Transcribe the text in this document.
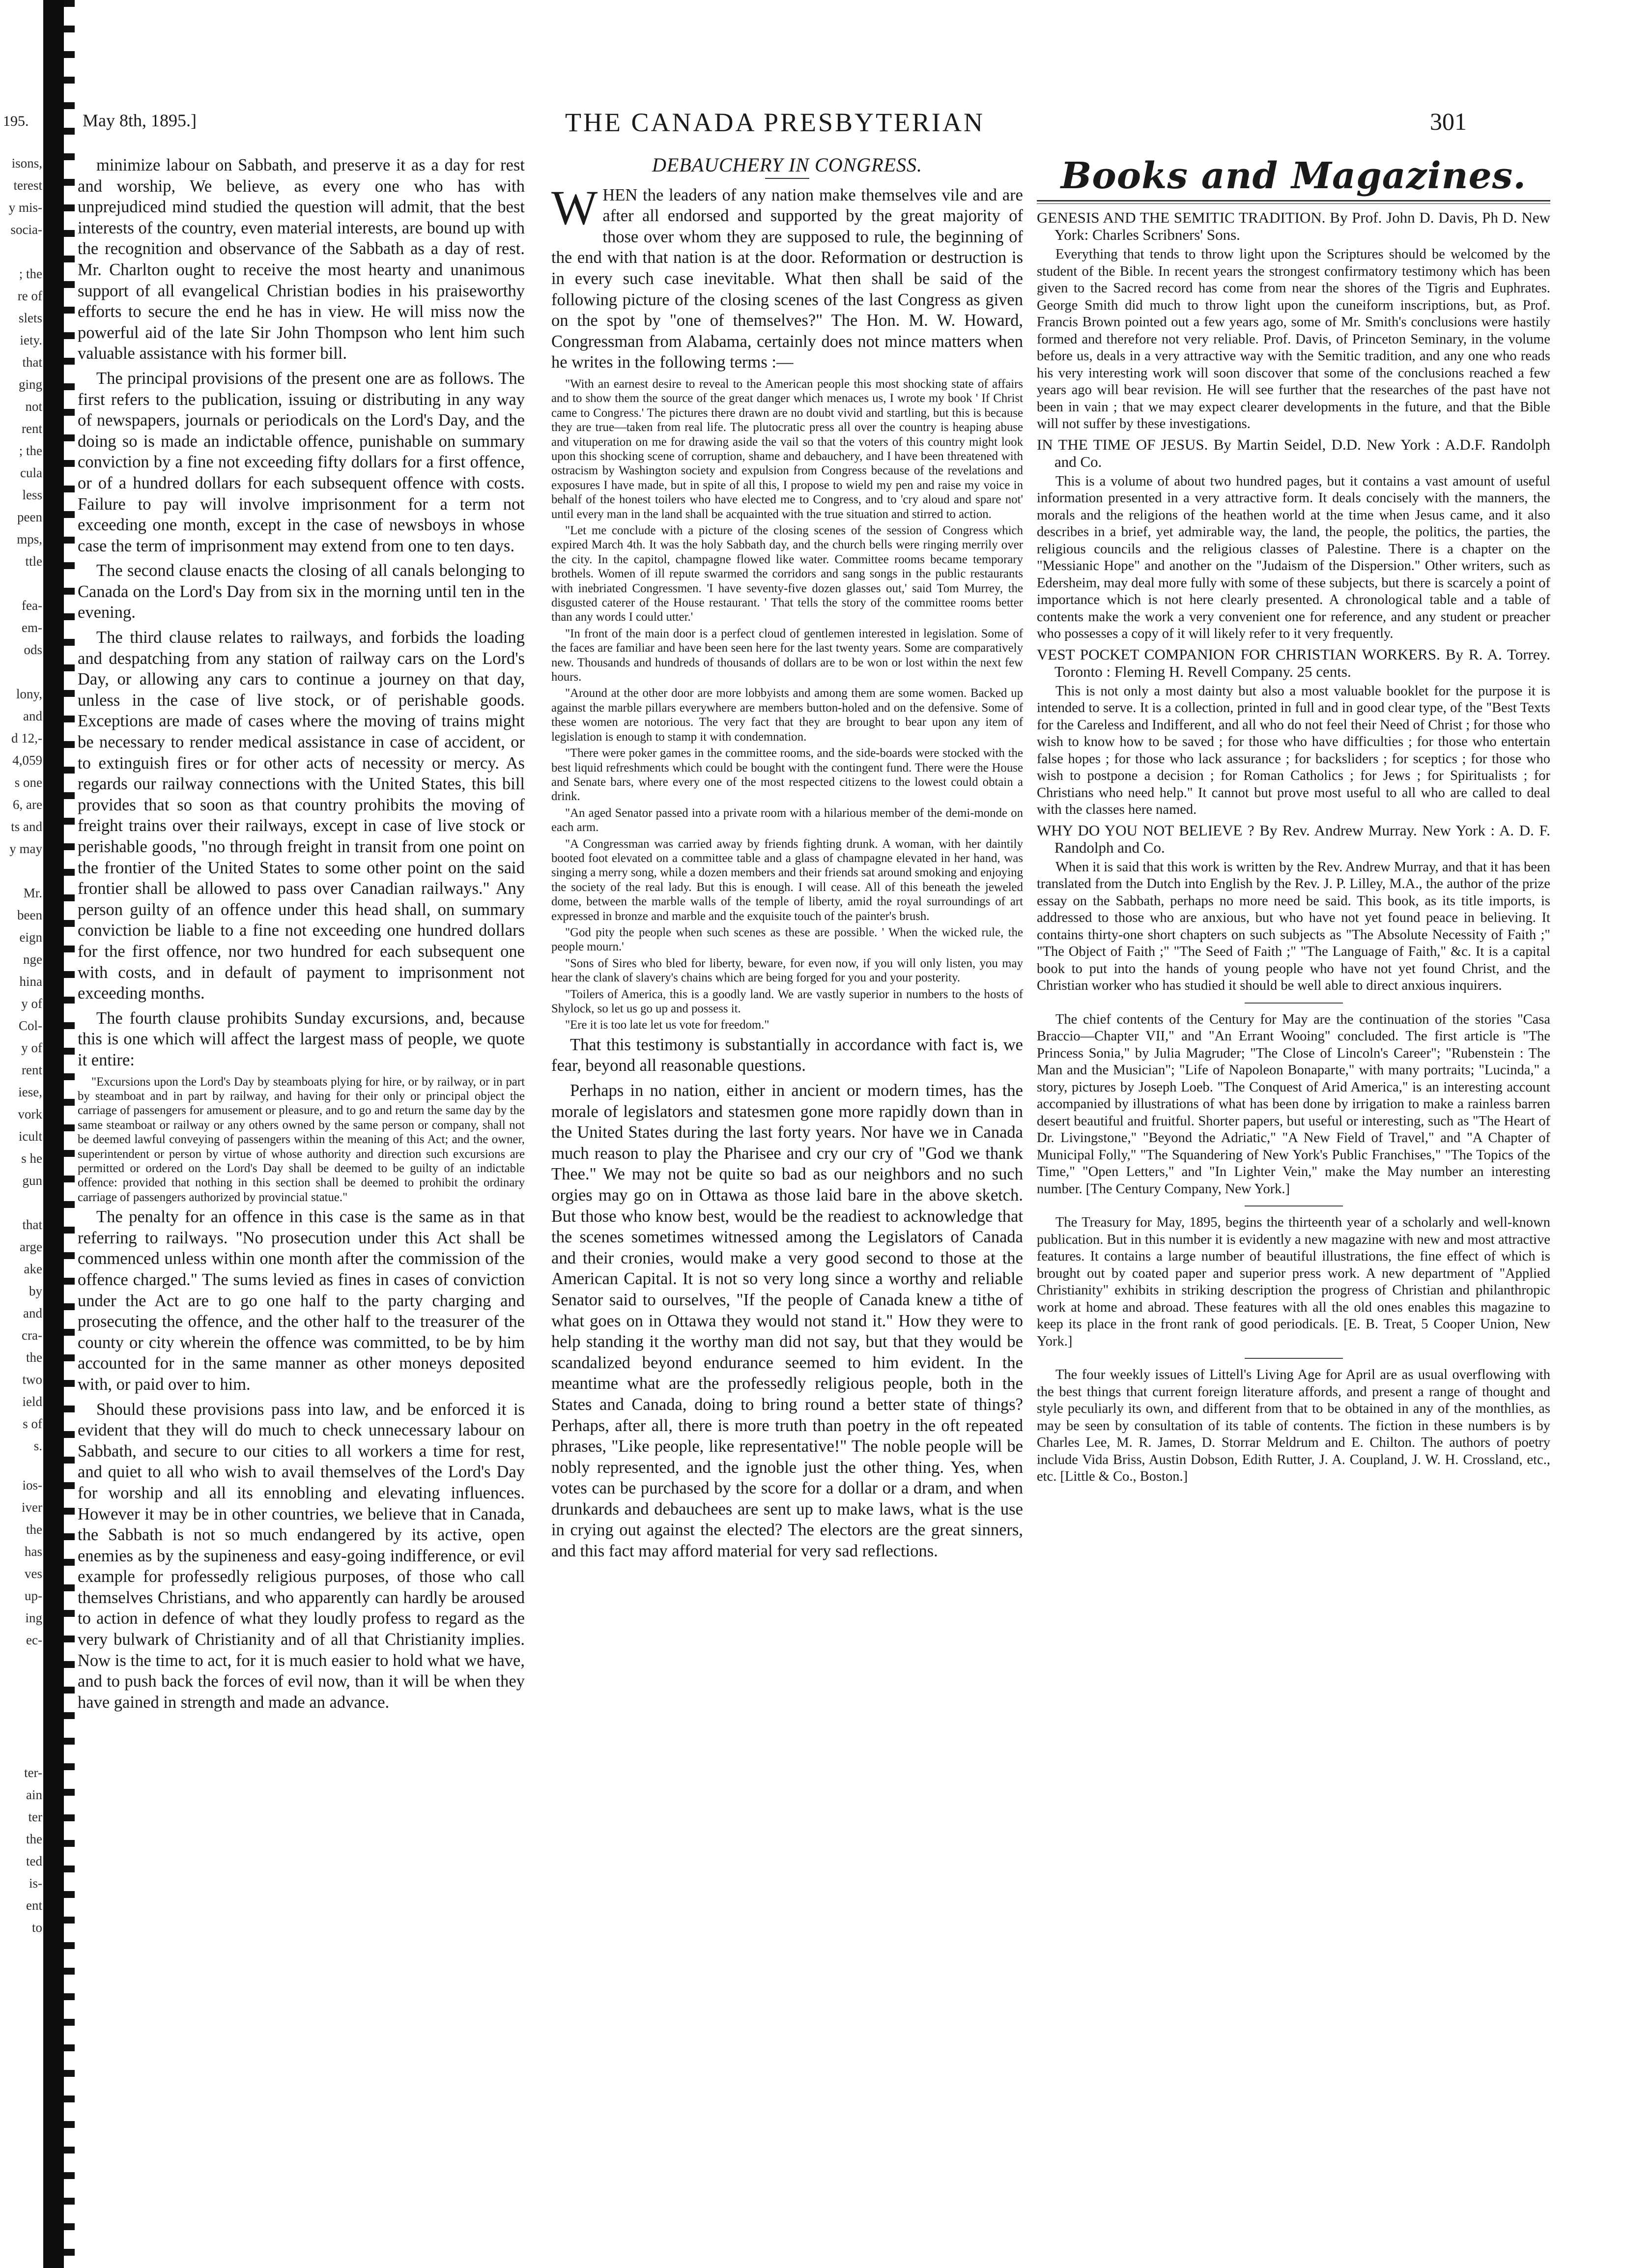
195.	May 8th, 1895.]	THE CANADA PRESBYTERIAN	301
isons,
terest
y mis-
socia-
; the
re of
slets
iety.
that
ging
not
rent
; the
cula
less
peen
mps,
ttle
fea-
em-
ods
lony,
and
d 12,-
4,059
s one
6, are
ts and
y may
Mr.
been
eign
nge
hina
y of
Col-
y of
rent
iese,
vork
icult
s he
gun
that
arge
ake
by
and
cra-
the
two
ield
s of
s.
ios-
iver
the
has
ves
up-
ing
ec-
ter-
ain
ter
the
ted
is-
ent
to

minimize labour on Sabbath, and preserve it as a day for rest and worship, We believe, as every one who has with unprejudiced mind studied the question will admit, that the best interests of the country, even material interests, are bound up with the recognition and observance of the Sabbath as a day of rest. Mr. Charlton ought to receive the most hearty and unanimous support of all evangelical Christian bodies in his praiseworthy efforts to secure the end he has in view. He will miss now the powerful aid of the late Sir John Thompson who lent him such valuable assistance with his former bill.

The principal provisions of the present one are as follows. The first refers to the publication, issuing or distributing in any way of newspapers, journals or periodicals on the Lord's Day, and the doing so is made an indictable offence, punishable on summary conviction by a fine not exceeding fifty dollars for a first offence, or of a hundred dollars for each subsequent offence with costs. Failure to pay will involve imprisonment for a term not exceeding one month, except in the case of newsboys in whose case the term of imprisonment may extend from one to ten days.

The second clause enacts the closing of all canals belonging to Canada on the Lord's Day from six in the morning until ten in the evening.

The third clause relates to railways, and forbids the loading and despatching from any station of railway cars on the Lord's Day, or allowing any cars to continue a journey on that day, unless in the case of live stock, or of perishable goods. Exceptions are made of cases where the moving of trains might be necessary to render medical assistance in case of accident, or to extinguish fires or for other acts of necessity or mercy. As regards our railway connections with the United States, this bill provides that so soon as that country prohibits the moving of freight trains over their railways, except in case of live stock or perishable goods, "no through freight in transit from one point on the frontier of the United States to some other point on the said frontier shall be allowed to pass over Canadian railways." Any person guilty of an offence under this head shall, on summary conviction be liable to a fine not exceeding one hundred dollars for the first offence, nor two hundred for each subsequent one with costs, and in default of payment to imprisonment not exceeding months.

The fourth clause prohibits Sunday excursions, and, because this is one which will affect the largest mass of people, we quote it entire:

"Excursions upon the Lord's Day by steamboats plying for hire, or by railway, or in part by steamboat and in part by railway, and having for their only or principal object the carriage of passengers for amusement or pleasure, and to go and return the same day by the same steamboat or railway or any others owned by the same person or company, shall not be deemed lawful conveying of passengers within the meaning of this Act; and the owner, superintendent or person by virtue of whose authority and direction such excursions are permitted or ordered on the Lord's Day shall be deemed to be guilty of an indictable offence: provided that nothing in this section shall be deemed to prohibit the ordinary carriage of passengers authorized by provincial statue."

The penalty for an offence in this case is the same as in that referring to railways. "No prosecution under this Act shall be commenced unless within one month after the commission of the offence charged." The sums levied as fines in cases of conviction under the Act are to go one half to the party charging and prosecuting the offence, and the other half to the treasurer of the county or city wherein the offence was committed, to be by him accounted for in the same manner as other moneys deposited with, or paid over to him.

Should these provisions pass into law, and be enforced it is evident that they will do much to check unnecessary labour on Sabbath, and secure to our cities to all workers a time for rest, and quiet to all who wish to avail themselves of the Lord's Day for worship and all its ennobling and elevating influences. However it may be in other countries, we believe that in Canada, the Sabbath is not so much endangered by its active, open enemies as by the supineness and easy-going indifference, or evil example for professedly religious purposes, of those who call themselves Christians, and who apparently can hardly be aroused to action in defence of what they loudly profess to regard as the very bulwark of Christianity and of all that Christianity implies. Now is the time to act, for it is much easier to hold what we have, and to push back the forces of evil now, than it will be when they have gained in strength and made an advance.

DEBAUCHERY IN CONGRESS.

WHEN the leaders of any nation make themselves vile and are after all endorsed and supported by the great majority of those over whom they are supposed to rule, the beginning of the end with that nation is at the door. Reformation or destruction is in every such case inevitable. What then shall be said of the following picture of the closing scenes of the last Congress as given on the spot by "one of themselves?" The Hon. M. W. Howard, Congressman from Alabama, certainly does not mince matters when he writes in the following terms :—

"With an earnest desire to reveal to the American people this most shocking state of affairs and to show them the source of the great danger which menaces us, I wrote my book ' If Christ came to Congress.' The pictures there drawn are no doubt vivid and startling, but this is because they are true—taken from real life. The plutocratic press all over the country is heaping abuse and vituperation on me for drawing aside the vail so that the voters of this country might look upon this shocking scene of corruption, shame and debauchery, and I have been threatened with ostracism by Washington society and expulsion from Congress because of the revelations and exposures I have made, but in spite of all this, I propose to wield my pen and raise my voice in behalf of the honest toilers who have elected me to Congress, and to 'cry aloud and spare not' until every man in the land shall be acquainted with the true situation and stirred to action.

"Let me conclude with a picture of the closing scenes of the session of Congress which expired March 4th. It was the holy Sabbath day, and the church bells were ringing merrily over the city. In the capitol, champagne flowed like water. Committee rooms became temporary brothels. Women of ill repute swarmed the corridors and sang songs in the public restaurants with inebriated Congressmen. 'I have seventy-five dozen glasses out,' said Tom Murrey, the disgusted caterer of the House restaurant. ' That tells the story of the committee rooms better than any words I could utter.'

"In front of the main door is a perfect cloud of gentlemen interested in legislation. Some of the faces are familiar and have been seen here for the last twenty years. Some are comparatively new. Thousands and hundreds of thousands of dollars are to be won or lost within the next few hours.

"Around at the other door are more lobbyists and among them are some women. Backed up against the marble pillars everywhere are members button-holed and on the defensive. Some of these women are notorious. The very fact that they are brought to bear upon any item of legislation is enough to stamp it with condemnation.

"There were poker games in the committee rooms, and the side-boards were stocked with the best liquid refreshments which could be bought with the contingent fund. There were the House and Senate bars, where every one of the most respected citizens to the lowest could obtain a drink.

"An aged Senator passed into a private room with a hilarious member of the demi-monde on each arm.

"A Congressman was carried away by friends fighting drunk. A woman, with her daintily booted foot elevated on a committee table and a glass of champagne elevated in her hand, was singing a merry song, while a dozen members and their friends sat around smoking and enjoying the society of the real lady. But this is enough. I will cease. All of this beneath the jeweled dome, between the marble walls of the temple of liberty, amid the royal surroundings of art expressed in bronze and marble and the exquisite touch of the painter's brush.

"God pity the people when such scenes as these are possible. ' When the wicked rule, the people mourn.'

"Sons of Sires who bled for liberty, beware, for even now, if you will only listen, you may hear the clank of slavery's chains which are being forged for you and your posterity.

"Toilers of America, this is a goodly land. We are vastly superior in numbers to the hosts of Shylock, so let us go up and possess it.

"Ere it is too late let us vote for freedom."

That this testimony is substantially in accordance with fact is, we fear, beyond all reasonable questions.

Perhaps in no nation, either in ancient or modern times, has the morale of legislators and statesmen gone more rapidly down than in the United States during the last forty years. Nor have we in Canada much reason to play the Pharisee and cry our cry of "God we thank Thee." We may not be quite so bad as our neighbors and no such orgies may go on in Ottawa as those laid bare in the above sketch. But those who know best, would be the readiest to acknowledge that the scenes sometimes witnessed among the Legislators of Canada and their cronies, would make a very good second to those at the American Capital. It is not so very long since a worthy and reliable Senator said to ourselves, "If the people of Canada knew a tithe of what goes on in Ottawa they would not stand it." How they were to help standing it the worthy man did not say, but that they would be scandalized beyond endurance seemed to him evident. In the meantime what are the professedly religious people, both in the States and Canada, doing to bring round a better state of things? Perhaps, after all, there is more truth than poetry in the oft repeated phrases, "Like people, like representative!" The noble people will be nobly represented, and the ignoble just the other thing. Yes, when votes can be purchased by the score for a dollar or a dram, and when drunkards and debauchees are sent up to make laws, what is the use in crying out against the elected? The electors are the great sinners, and this fact may afford material for very sad reflections.

Books and Magazines.

GENESIS AND THE SEMITIC TRADITION. By Prof. John D. Davis, Ph D. New York: Charles Scribners' Sons.

Everything that tends to throw light upon the Scriptures should be welcomed by the student of the Bible. In recent years the strongest confirmatory testimony which has been given to the Sacred record has come from near the shores of the Tigris and Euphrates. George Smith did much to throw light upon the cuneiform inscriptions, but, as Prof. Francis Brown pointed out a few years ago, some of Mr. Smith's conclusions were hastily formed and therefore not very reliable. Prof. Davis, of Princeton Seminary, in the volume before us, deals in a very attractive way with the Semitic tradition, and any one who reads his very interesting work will soon discover that some of the conclusions reached a few years ago will bear revision. He will see further that the researches of the past have not been in vain ; that we may expect clearer developments in the future, and that the Bible will not suffer by these investigations.

IN THE TIME OF JESUS. By Martin Seidel, D.D. New York : A.D.F. Randolph and Co.

This is a volume of about two hundred pages, but it contains a vast amount of useful information presented in a very attractive form. It deals concisely with the manners, the morals and the religions of the heathen world at the time when Jesus came, and it also describes in a brief, yet admirable way, the land, the people, the politics, the parties, the religious councils and the religious classes of Palestine. There is a chapter on the "Messianic Hope" and another on the "Judaism of the Dispersion." Other writers, such as Edersheim, may deal more fully with some of these subjects, but there is scarcely a point of importance which is not here clearly presented. A chronological table and a table of contents make the work a very convenient one for reference, and any student or preacher who possesses a copy of it will likely refer to it very frequently.

VEST POCKET COMPANION FOR CHRISTIAN WORKERS. By R. A. Torrey. Toronto : Fleming H. Revell Company. 25 cents.

This is not only a most dainty but also a most valuable booklet for the purpose it is intended to serve. It is a collection, printed in full and in good clear type, of the "Best Texts for the Careless and Indifferent, and all who do not feel their Need of Christ ; for those who wish to know how to be saved ; for those who have difficulties ; for those who entertain false hopes ; for those who lack assurance ; for backsliders ; for sceptics ; for those who wish to postpone a decision ; for Roman Catholics ; for Jews ; for Spiritualists ; for Christians who need help." It cannot but prove most useful to all who are called to deal with the classes here named.

WHY DO YOU NOT BELIEVE ? By Rev. Andrew Murray. New York : A. D. F. Randolph and Co.

When it is said that this work is written by the Rev. Andrew Murray, and that it has been translated from the Dutch into English by the Rev. J. P. Lilley, M.A., the author of the prize essay on the Sabbath, perhaps no more need be said. This book, as its title imports, is addressed to those who are anxious, but who have not yet found peace in believing. It contains thirty-one short chapters on such subjects as "The Absolute Necessity of Faith ;" "The Object of Faith ;" "The Seed of Faith ;" "The Language of Faith," &c. It is a capital book to put into the hands of young people who have not yet found Christ, and the Christian worker who has studied it should be well able to direct anxious inquirers.

The chief contents of the Century for May are the continuation of the stories "Casa Braccio—Chapter VII," and "An Errant Wooing" concluded. The first article is "The Princess Sonia," by Julia Magruder; "The Close of Lincoln's Career"; "Rubenstein : The Man and the Musician"; "Life of Napoleon Bonaparte," with many portraits; "Lucinda," a story, pictures by Joseph Loeb. "The Conquest of Arid America," is an interesting account accompanied by illustrations of what has been done by irrigation to make a rainless barren desert beautiful and fruitful. Shorter papers, but useful or interesting, such as "The Heart of Dr. Livingstone," "Beyond the Adriatic," "A New Field of Travel," and "A Chapter of Municipal Folly," "The Squandering of New York's Public Franchises," "The Topics of the Time," "Open Letters," and "In Lighter Vein," make the May number an interesting number. [The Century Company, New York.]

The Treasury for May, 1895, begins the thirteenth year of a scholarly and well-known publication. But in this number it is evidently a new magazine with new and most attractive features. It contains a large number of beautiful illustrations, the fine effect of which is brought out by coated paper and superior press work. A new department of "Applied Christianity" exhibits in striking description the progress of Christian and philanthropic work at home and abroad. These features with all the old ones enables this magazine to keep its place in the front rank of good periodicals. [E. B. Treat, 5 Cooper Union, New York.]

The four weekly issues of Littell's Living Age for April are as usual overflowing with the best things that current foreign literature affords, and present a range of thought and style peculiarly its own, and different from that to be obtained in any of the monthlies, as may be seen by consultation of its table of contents. The fiction in these numbers is by Charles Lee, M. R. James, D. Storrar Meldrum and E. Chilton. The authors of poetry include Vida Briss, Austin Dobson, Edith Rutter, J. A. Coupland, J. W. H. Crossland, etc., etc. [Little & Co., Boston.]
